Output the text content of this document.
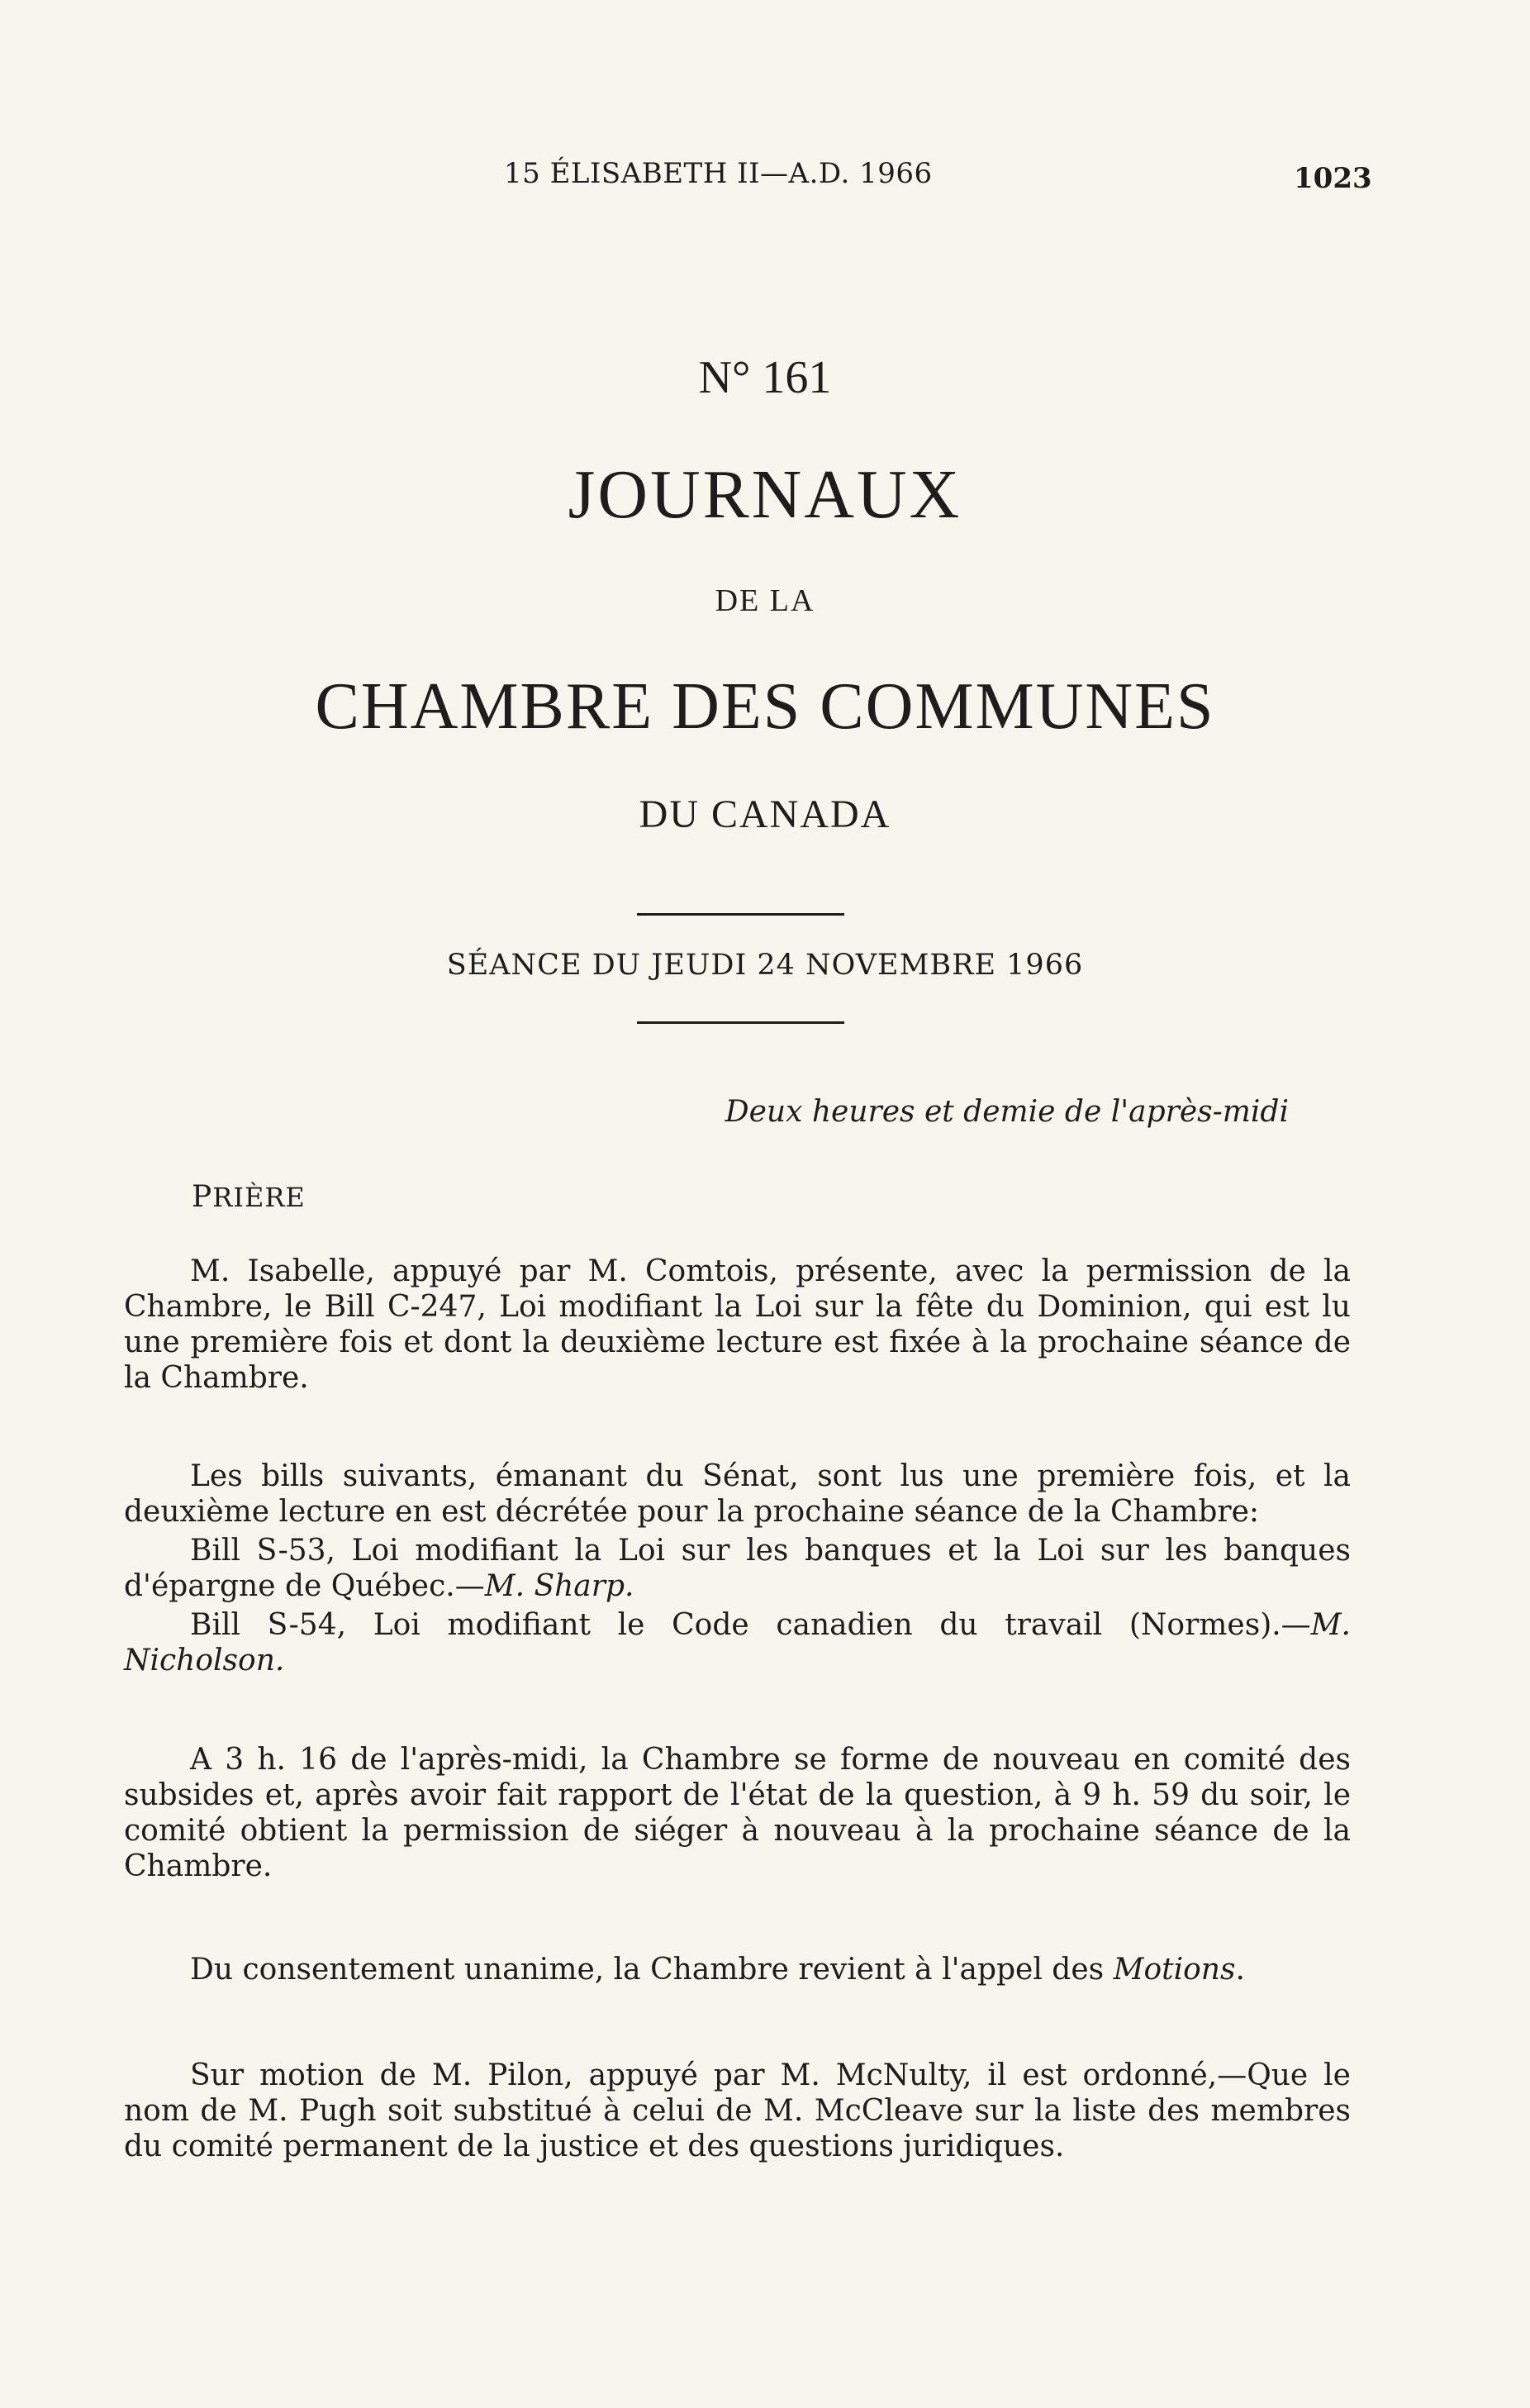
15 ÉLISABETH II—A.D. 1966	1023
N° 161
JOURNAUX
DE LA
CHAMBRE DES COMMUNES
DU CANADA
SÉANCE DU JEUDI 24 NOVEMBRE 1966
Deux heures et demie de l'après-midi
PRIÈRE
M. Isabelle, appuyé par M. Comtois, présente, avec la permission de la Chambre, le Bill C-247, Loi modifiant la Loi sur la fête du Dominion, qui est lu une première fois et dont la deuxième lecture est fixée à la prochaine séance de la Chambre.
Les bills suivants, émanant du Sénat, sont lus une première fois, et la deuxième lecture en est décrétée pour la prochaine séance de la Chambre:
Bill S-53, Loi modifiant la Loi sur les banques et la Loi sur les banques d'épargne de Québec.—M. Sharp.
Bill S-54, Loi modifiant le Code canadien du travail (Normes).—M. Nicholson.
A 3 h. 16 de l'après-midi, la Chambre se forme de nouveau en comité des subsides et, après avoir fait rapport de l'état de la question, à 9 h. 59 du soir, le comité obtient la permission de siéger à nouveau à la prochaine séance de la Chambre.
Du consentement unanime, la Chambre revient à l'appel des Motions.
Sur motion de M. Pilon, appuyé par M. McNulty, il est ordonné,—Que le nom de M. Pugh soit substitué à celui de M. McCleave sur la liste des membres du comité permanent de la justice et des questions juridiques.
